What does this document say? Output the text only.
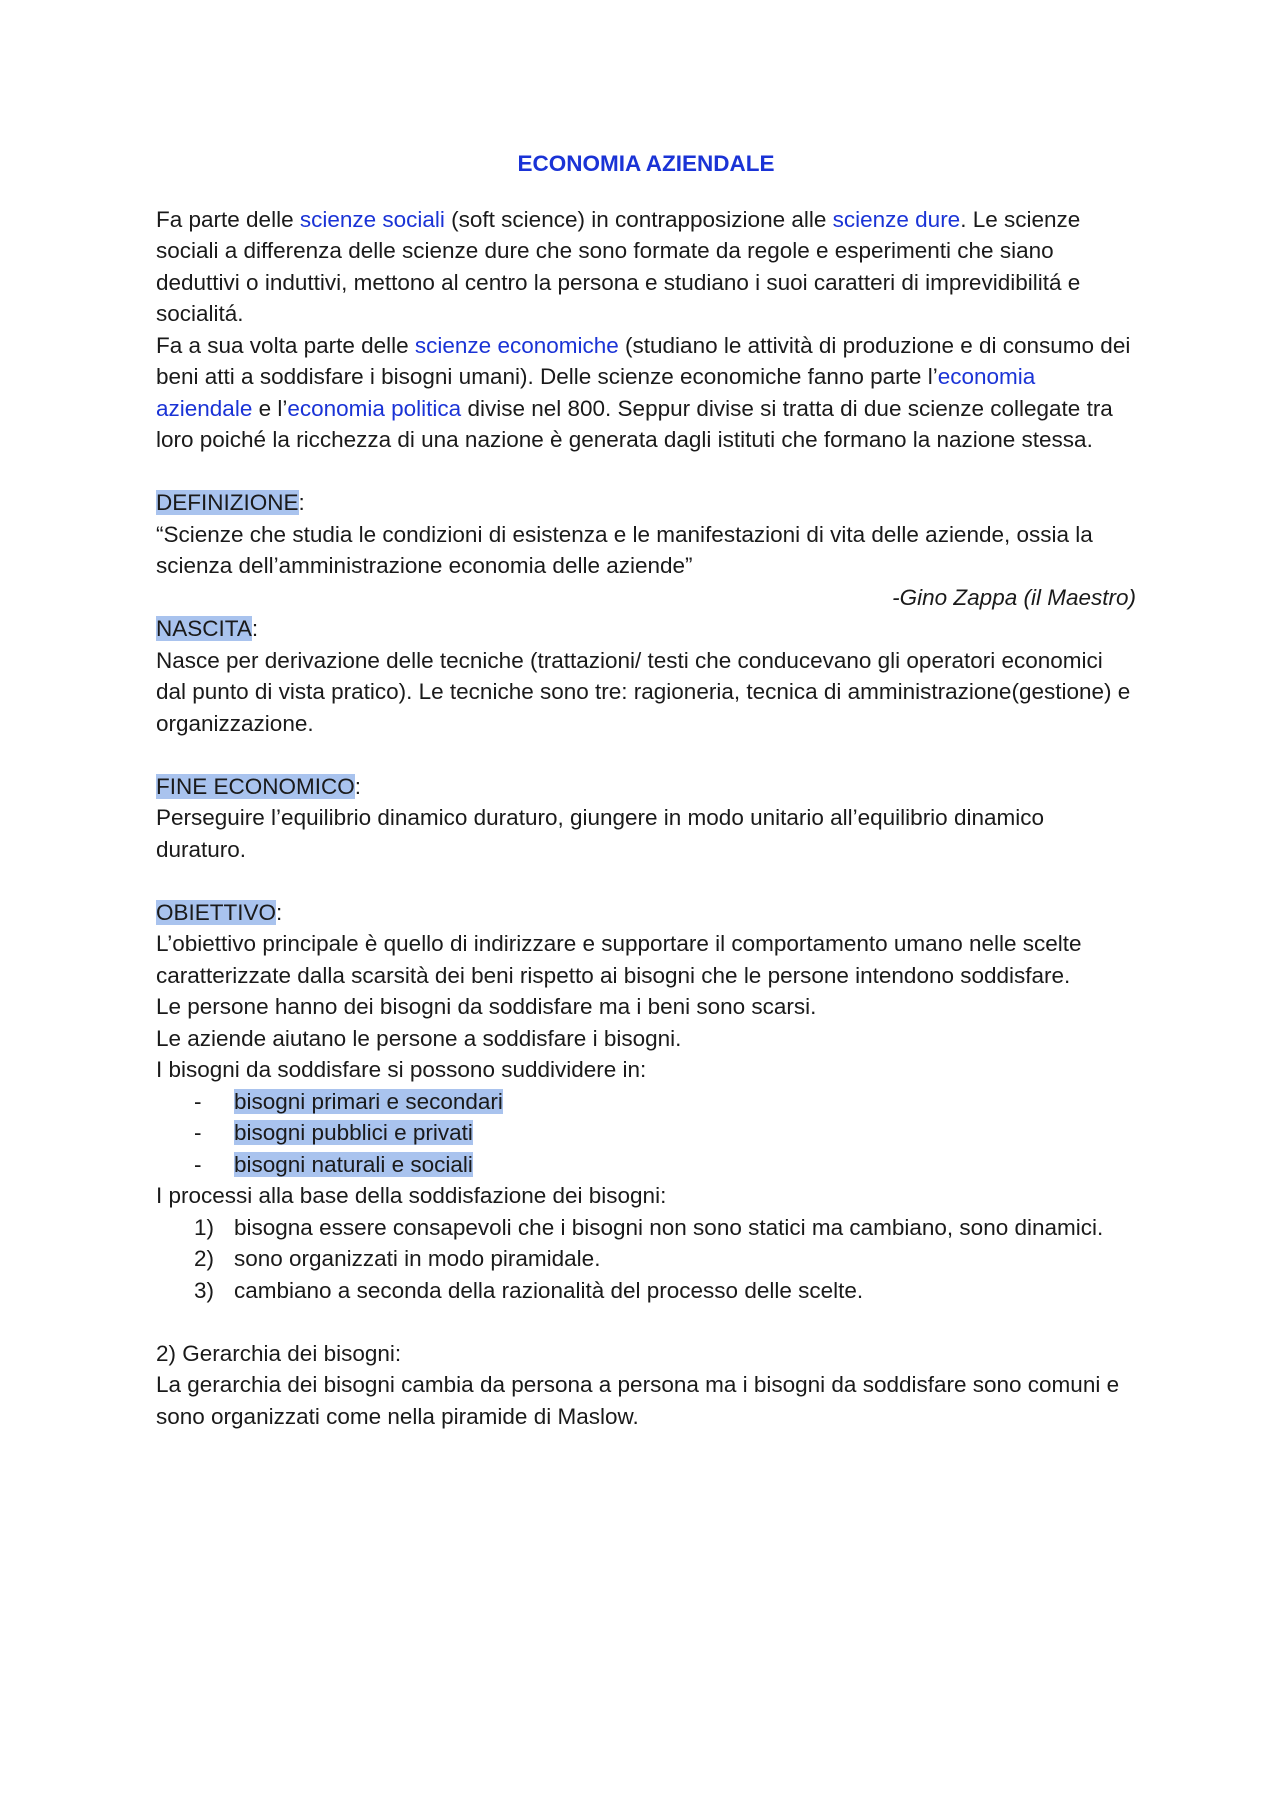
ECONOMIA AZIENDALE

Fa parte delle scienze sociali (soft science) in contrapposizione alle scienze dure. Le scienze sociali a differenza delle scienze dure che sono formate da regole e esperimenti che siano deduttivi o induttivi, mettono al centro la persona e studiano i suoi caratteri di imprevidibilitá e socialitá.

Fa a sua volta parte delle scienze economiche (studiano le attività di produzione e di consumo dei beni atti a soddisfare i bisogni umani). Delle scienze economiche fanno parte l’economia aziendale e l’economia politica divise nel 800. Seppur divise si tratta di due scienze collegate tra loro poiché la ricchezza di una nazione è generata dagli istituti che formano la nazione stessa.

DEFINIZIONE:

“Scienze che studia le condizioni di esistenza e le manifestazioni di vita delle aziende, ossia la scienza dell’amministrazione economia delle aziende”

-Gino Zappa (il Maestro)

NASCITA:

Nasce per derivazione delle tecniche (trattazioni/ testi che conducevano gli operatori economici dal punto di vista pratico). Le tecniche sono tre: ragioneria, tecnica di amministrazione(gestione) e organizzazione.

FINE ECONOMICO:

Perseguire l’equilibrio dinamico duraturo, giungere in modo unitario all’equilibrio dinamico duraturo.

OBIETTIVO:

L’obiettivo principale è quello di indirizzare e supportare il comportamento umano nelle scelte caratterizzate dalla scarsità dei beni rispetto ai bisogni che le persone intendono soddisfare.

Le persone hanno dei bisogni da soddisfare ma i beni sono scarsi.

Le aziende aiutano le persone a soddisfare i bisogni.

I bisogni da soddisfare si possono suddividere in:

- bisogni primari e secondari
- bisogni pubblici e privati
- bisogni naturali e sociali

I processi alla base della soddisfazione dei bisogni:

1) bisogna essere consapevoli che i bisogni non sono statici ma cambiano, sono dinamici.
2) sono organizzati in modo piramidale.
3) cambiano a seconda della razionalità del processo delle scelte.

2) Gerarchia dei bisogni:

La gerarchia dei bisogni cambia da persona a persona ma i bisogni da soddisfare sono comuni e sono organizzati come nella piramide di Maslow.
